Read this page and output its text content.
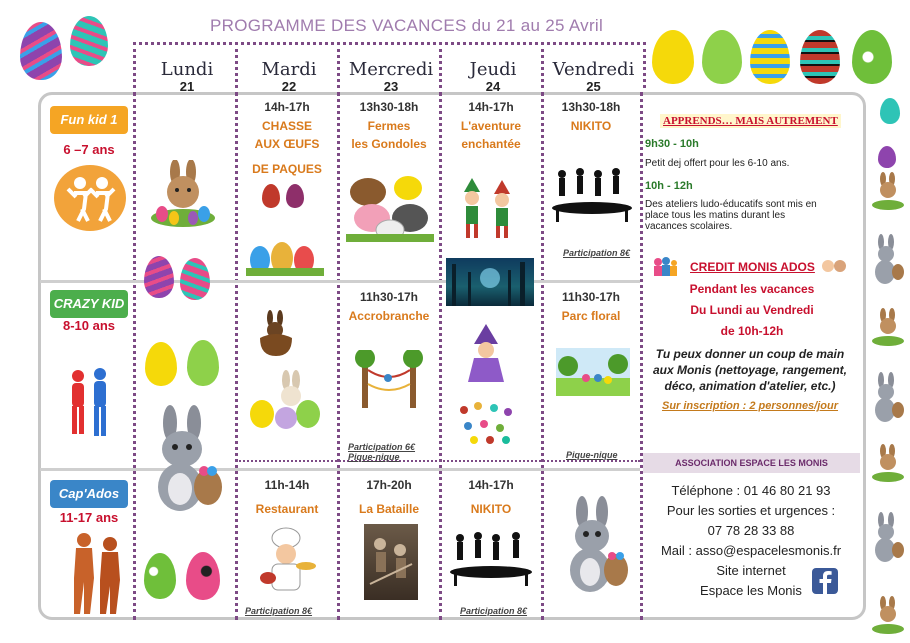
PROGRAMME DES VACANCES du 21 au 25 Avril
Lundi
21
Mardi
22
Mercredi
23
Jeudi
24
Vendredi
25
Fun kid 1
6 –7 ans
CRAZY KID
8-10 ans
Cap'Ados
11-17 ans
14h-17h
CHASSE
AUX ŒUFS
DE PAQUES
13h30-18h
Fermes
les Gondoles
14h-17h
L'aventure
enchantée
13h30-18h
NIKITO
Participation 8€
11h30-17h
Accrobranche
Participation 6€
Pique-nique
11h30-17h
Parc floral
Pique-nique
11h-14h
Restaurant
Participation 8€
17h-20h
La Bataille
14h-17h
NIKITO
Participation 8€
APPRENDS… MAIS AUTREMENT
9h30 - 10h
Petit dej offert pour les 6-10 ans.
10h - 12h
Des ateliers ludo-éducatifs sont mis en
place tous les matins durant les
vacances scolaires.
CREDIT MONIS ADOS
Pendant les vacances
Du Lundi au Vendredi
de 10h-12h
Tu peux donner un coup de main
aux Monis (nettoyage, rangement,
déco, animation d'atelier, etc.)
Sur inscription : 2 personnes/jour
ASSOCIATION ESPACE LES MONIS
Téléphone : 01 46 80 21 93
Pour les sorties et urgences :
07 78 28 33 88
Mail : asso@espacelesmonis.fr
Site internet
Espace les Monis
